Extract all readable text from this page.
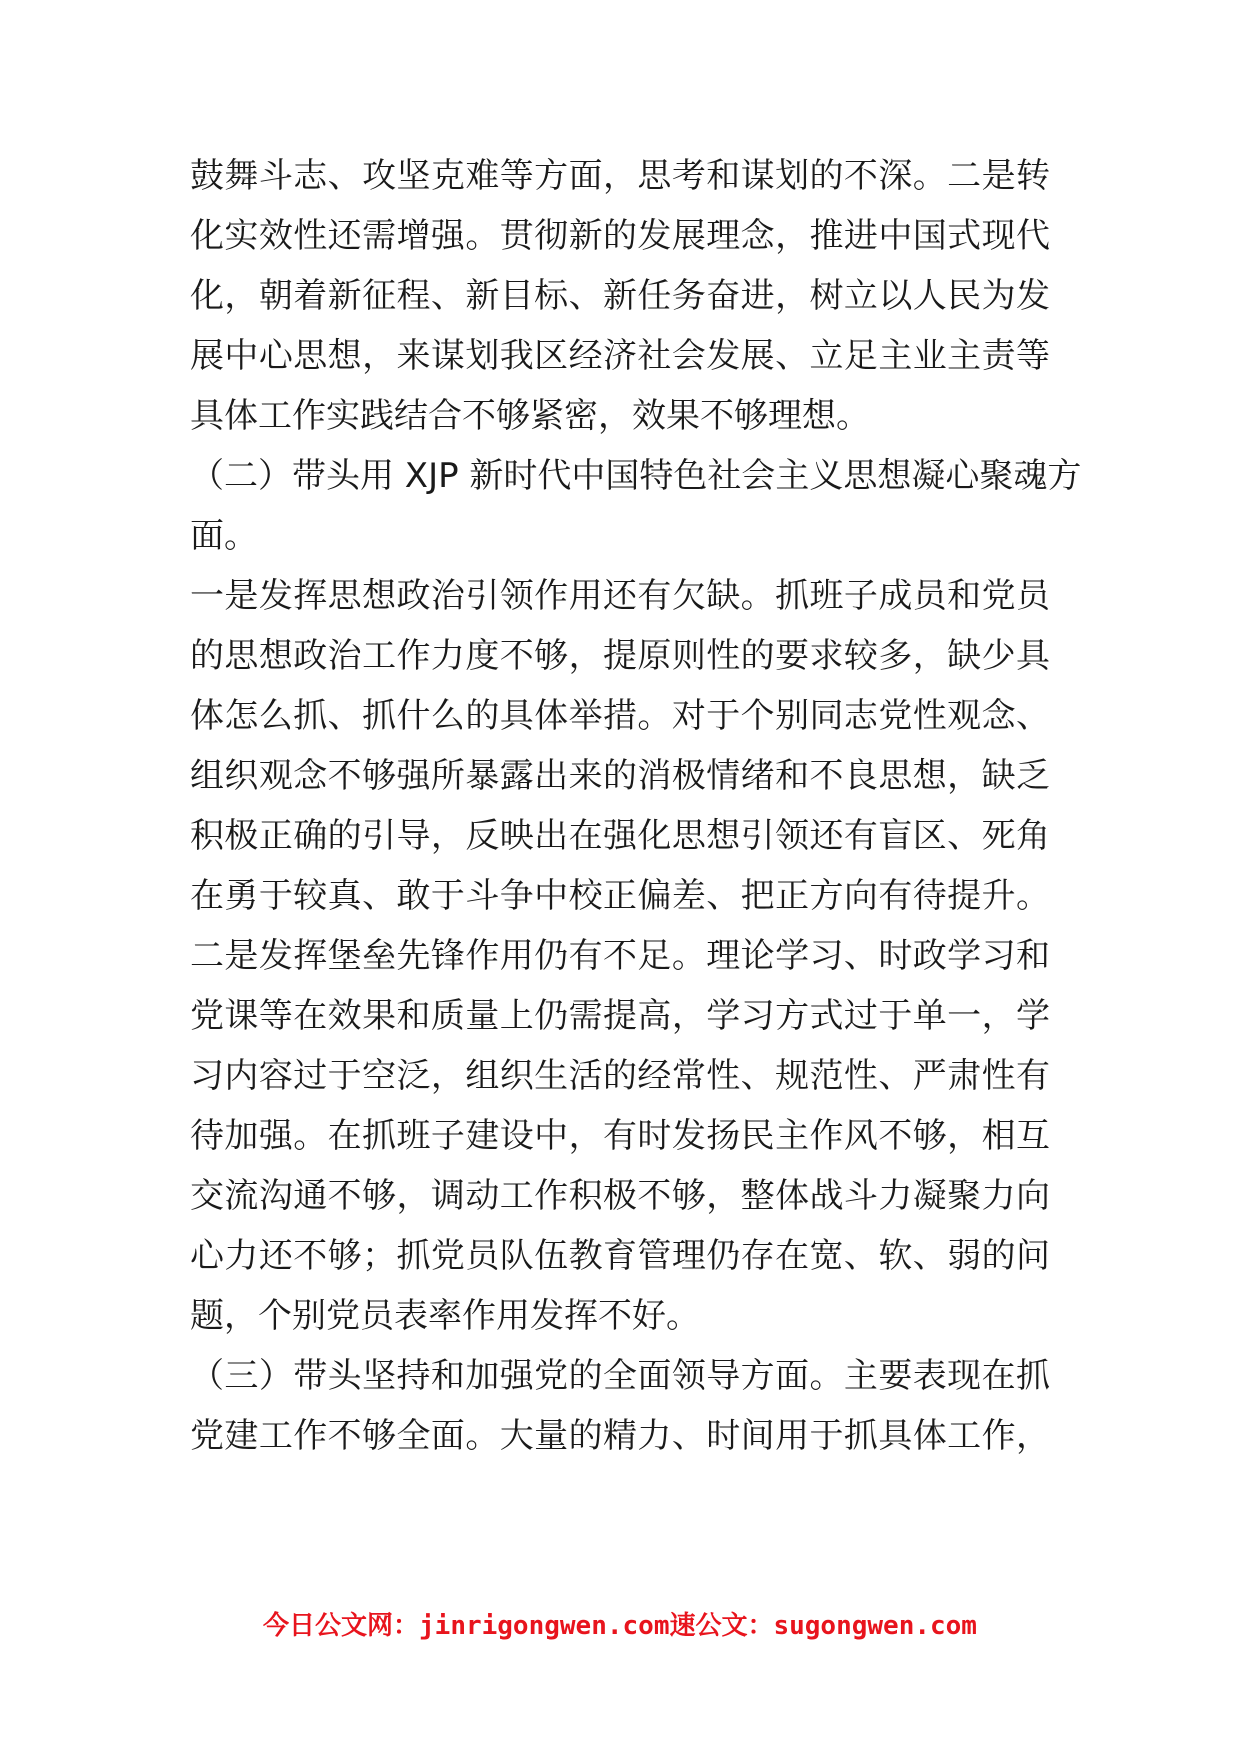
鼓舞斗志、攻坚克难等方面，思考和谋划的不深。二是转
化实效性还需增强。贯彻新的发展理念，推进中国式现代
化，朝着新征程、新目标、新任务奋进，树立以人民为发
展中心思想，来谋划我区经济社会发展、立足主业主责等
具体工作实践结合不够紧密，效果不够理想。
（二）带头用 XJP 新时代中国特色社会主义思想凝心聚魂方
面。
一是发挥思想政治引领作用还有欠缺。抓班子成员和党员
的思想政治工作力度不够，提原则性的要求较多，缺少具
体怎么抓、抓什么的具体举措。对于个别同志党性观念、
组织观念不够强所暴露出来的消极情绪和不良思想，缺乏
积极正确的引导，反映出在强化思想引领还有盲区、死角
在勇于较真、敢于斗争中校正偏差、把正方向有待提升。
二是发挥堡垒先锋作用仍有不足。理论学习、时政学习和
党课等在效果和质量上仍需提高，学习方式过于单一，学
习内容过于空泛，组织生活的经常性、规范性、严肃性有
待加强。在抓班子建设中，有时发扬民主作风不够，相互
交流沟通不够，调动工作积极不够，整体战斗力凝聚力向
心力还不够；抓党员队伍教育管理仍存在宽、软、弱的问
题，个别党员表率作用发挥不好。
（三）带头坚持和加强党的全面领导方面。主要表现在抓
党建工作不够全面。大量的精力、时间用于抓具体工作，
今日公文网：jinrigongwen.com速公文：sugongwen.com
